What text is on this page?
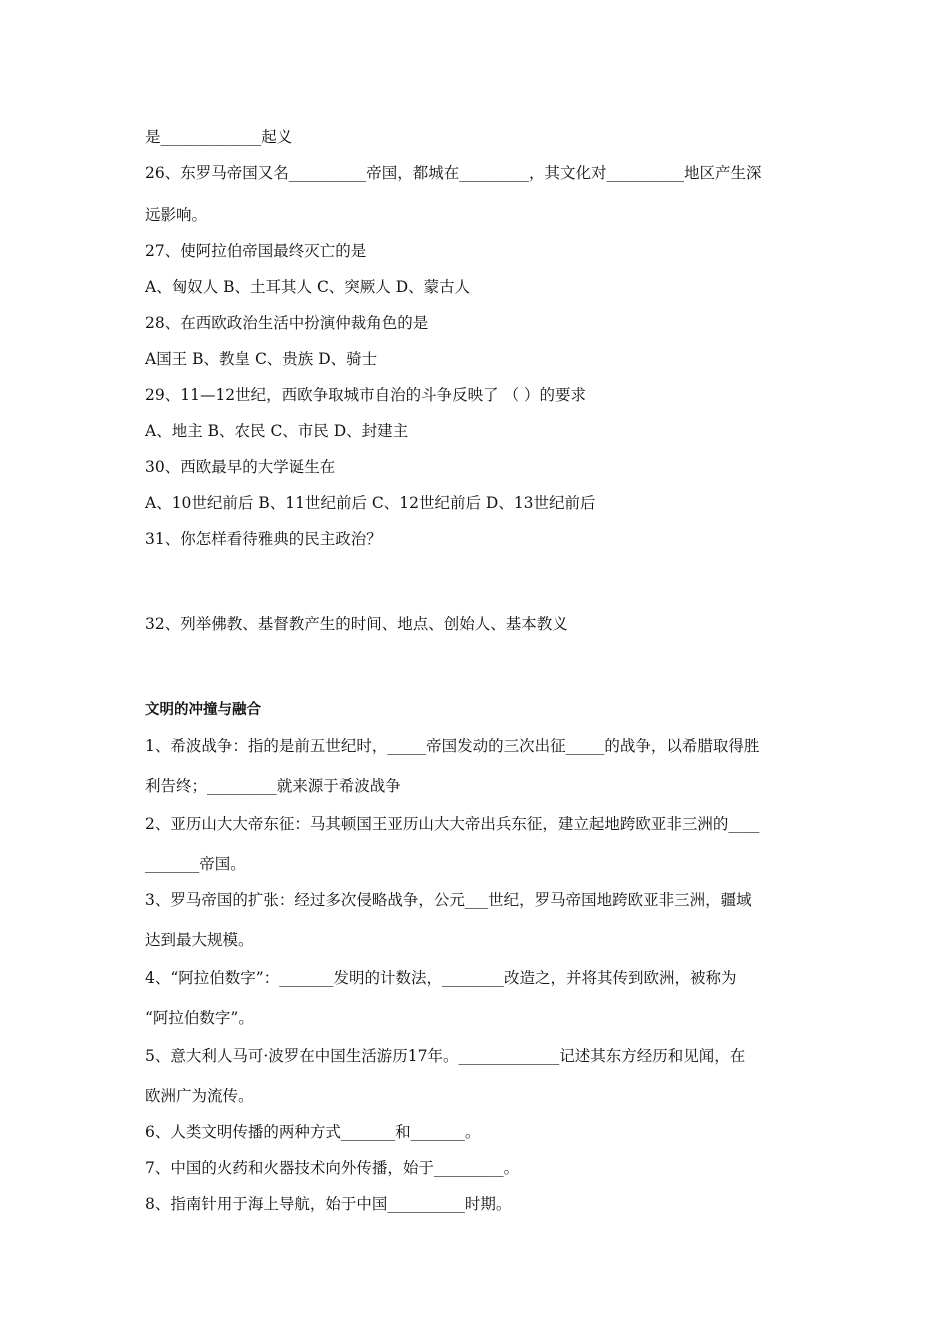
是_____________起义
26、东罗马帝国又名__________帝国，都城在_________，其文化对__________地区产生深
远影响。
27、使阿拉伯帝国最终灭亡的是
A、匈奴人 B、土耳其人 C、突厥人 D、蒙古人
28、在西欧政治生活中扮演仲裁角色的是
A国王 B、教皇 C、贵族 D、骑士
29、11—12世纪，西欧争取城市自治的斗争反映了 （ ）的要求
A、地主 B、农民 C、市民 D、封建主
30、西欧最早的大学诞生在
A、10世纪前后 B、11世纪前后 C、12世纪前后 D、13世纪前后
31、你怎样看待雅典的民主政治？
32、列举佛教、基督教产生的时间、地点、创始人、基本教义
文明的冲撞与融合
1、希波战争：指的是前五世纪时，_____帝国发动的三次出征_____的战争，以希腊取得胜
利告终；_________就来源于希波战争
2、亚历山大大帝东征：马其顿国王亚历山大大帝出兵东征，建立起地跨欧亚非三洲的____
_______帝国。
3、罗马帝国的扩张：经过多次侵略战争，公元___世纪，罗马帝国地跨欧亚非三洲，疆域
达到最大规模。
4、“阿拉伯数字”：_______发明的计数法，________改造之，并将其传到欧洲，被称为
“阿拉伯数字”。
5、意大利人马可·波罗在中国生活游历17年。_____________记述其东方经历和见闻，在
欧洲广为流传。
6、人类文明传播的两种方式_______和_______。
7、中国的火药和火器技术向外传播，始于_________。
8、指南针用于海上导航，始于中国__________时期。
